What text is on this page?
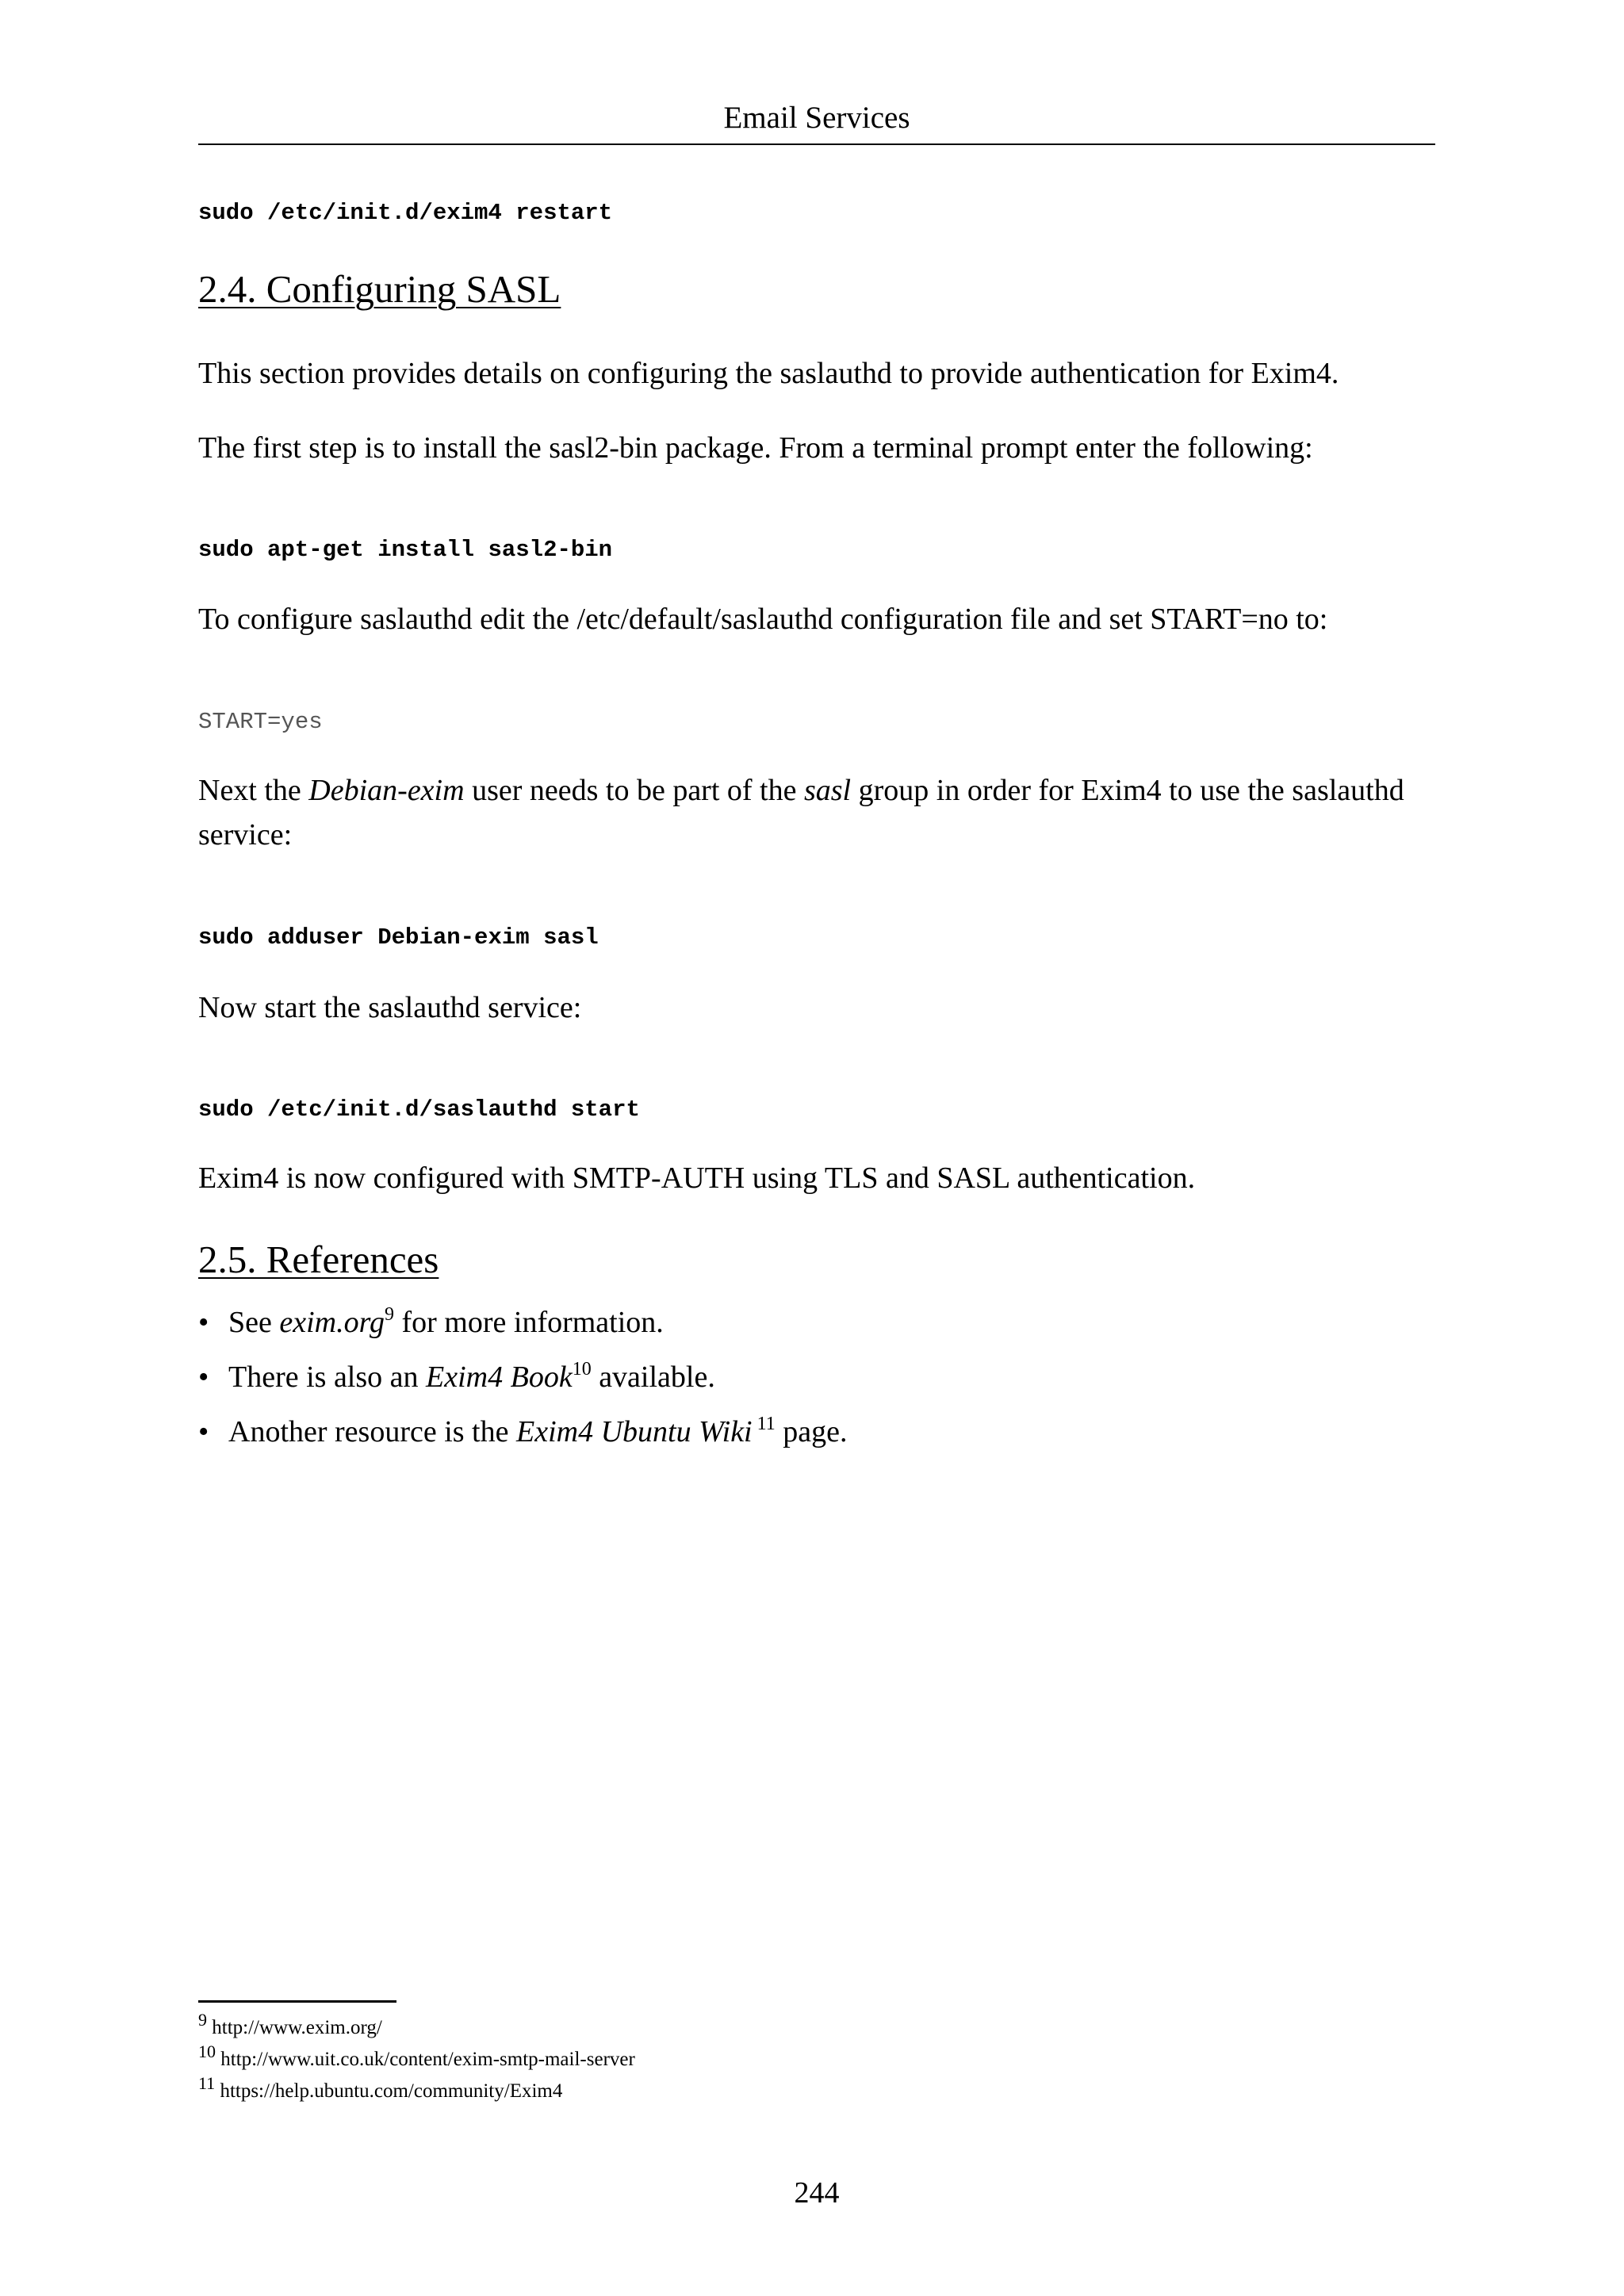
Email Services
sudo /etc/init.d/exim4 restart
2.4. Configuring SASL

This section provides details on configuring the saslauthd to provide authentication for Exim4.

The first step is to install the sasl2-bin package. From a terminal prompt enter the following:

sudo apt-get install sasl2-bin

To configure saslauthd edit the /etc/default/saslauthd configuration file and set START=no to:

START=yes

Next the Debian-exim user needs to be part of the sasl group in order for Exim4 to use the saslauthd service:

sudo adduser Debian-exim sasl

Now start the saslauthd service:

sudo /etc/init.d/saslauthd start

Exim4 is now configured with SMTP-AUTH using TLS and SASL authentication.

2.5. References
• See exim.org$^9$ for more information.
• There is also an Exim4 Book$^{10}$ available.
• Another resource is the Exim4 Ubuntu Wiki $^{11}$ page.
$^9$ http://www.exim.org/
$^{10}$ http://www.uit.co.uk/content/exim-smtp-mail-server
$^{11}$ https://help.ubuntu.com/community/Exim4
244
